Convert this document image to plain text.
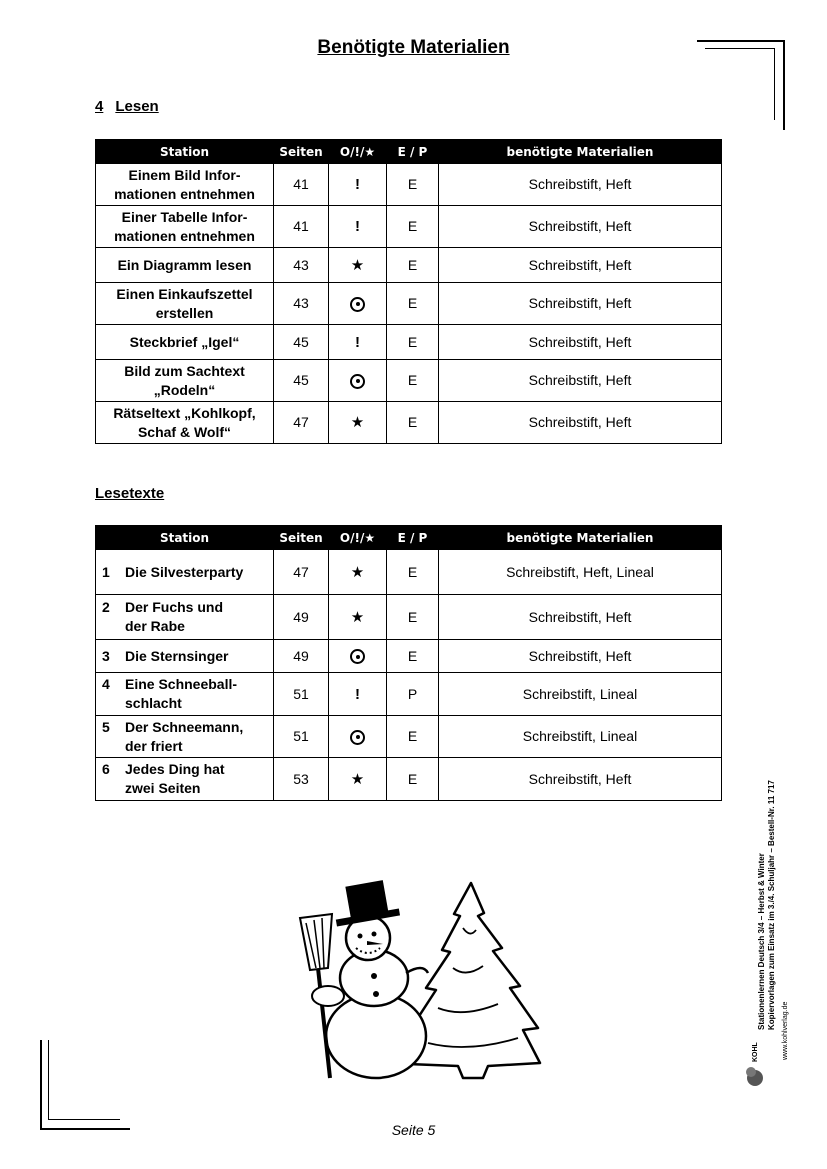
Benötigte Materialien
4 Lesen
Station	Seiten	O/!/★	E / P	benötigte Materialien
Einem Bild Infor-
mationen entnehmen	41	!	E	Schreibstift, Heft
Einer Tabelle Infor-
mationen entnehmen	41	!	E	Schreibstift, Heft
Ein Diagramm lesen	43	★	E	Schreibstift, Heft
Einen Einkaufszettel
erstellen	43		E	Schreibstift, Heft
Steckbrief „Igel“	45	!	E	Schreibstift, Heft
Bild zum Sachtext
„Rodeln“	45		E	Schreibstift, Heft
Rätseltext „Kohlkopf,
Schaf & Wolf“	47	★	E	Schreibstift, Heft
Lesetexte
Station	Seiten	O/!/★	E / P	benötigte Materialien
1 Die Silvesterparty	47	★	E	Schreibstift, Heft, Lineal
2 Der Fuchs und
der Rabe	49	★	E	Schreibstift, Heft
3 Die Sternsinger	49		E	Schreibstift, Heft
4 Eine Schneeball-
schlacht	51	!	P	Schreibstift, Lineal
5 Der Schneemann,
der friert	51		E	Schreibstift, Lineal
6 Jedes Ding hat
zwei Seiten	53	★	E	Schreibstift, Heft
Stationenlernen Deutsch 3/4 – Herbst & Winter Kopiervorlagen zum Einsatz im 3./4. Schuljahr – Bestell-Nr. 11 717
KOHL	www.kohlverlag.de
Seite 5
